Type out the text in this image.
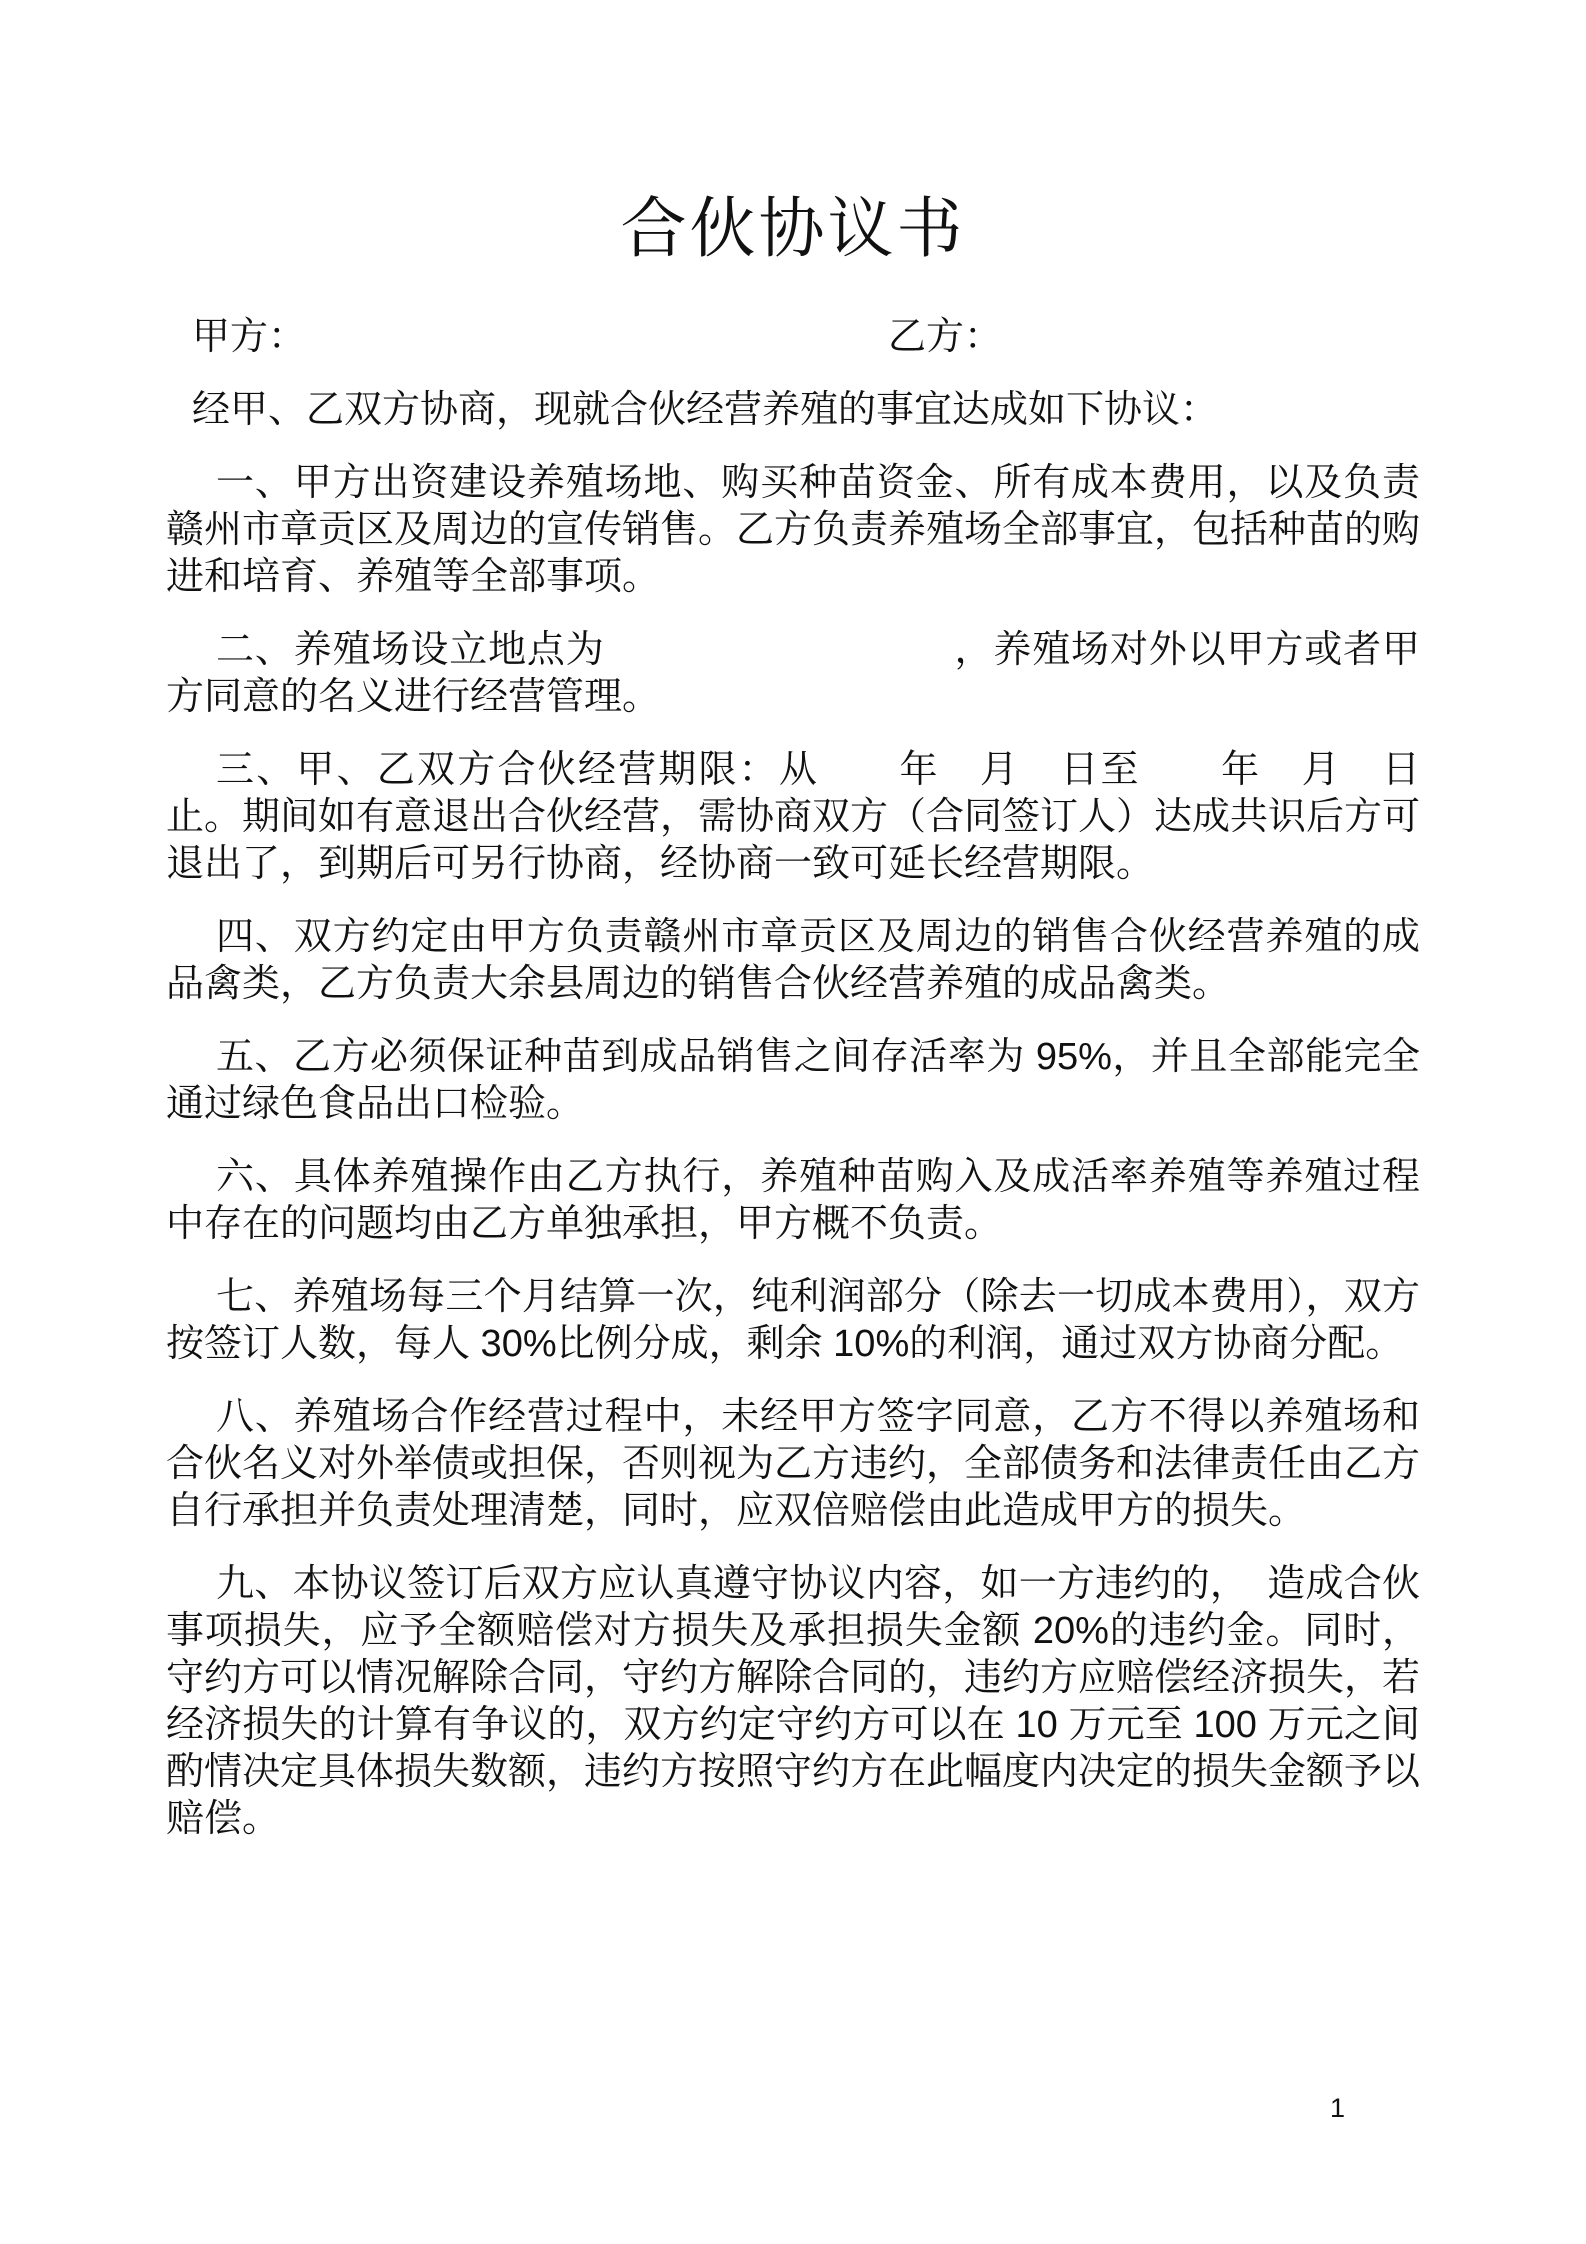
合伙协议书
甲方：	乙方：
经甲、乙双方协商，现就合伙经营养殖的事宜达成如下协议：
一、甲方出资建设养殖场地、购买种苗资金、所有成本费用，以及负责赣州市章贡区及周边的宣传销售。乙方负责养殖场全部事宜，包括种苗的购进和培育、养殖等全部事项。
二、养殖场设立地点为　　　　　　　　　，养殖场对外以甲方或者甲方同意的名义进行经营管理。
三、甲、乙双方合伙经营期限：从　　年　月　日至　　年　月　日止。期间如有意退出合伙经营，需协商双方（合同签订人）达成共识后方可退出了，到期后可另行协商，经协商一致可延长经营期限。
四、双方约定由甲方负责赣州市章贡区及周边的销售合伙经营养殖的成品禽类，乙方负责大余县周边的销售合伙经营养殖的成品禽类。
五、乙方必须保证种苗到成品销售之间存活率为 95%，并且全部能完全通过绿色食品出口检验。
六、具体养殖操作由乙方执行，养殖种苗购入及成活率养殖等养殖过程中存在的问题均由乙方单独承担，甲方概不负责。
七、养殖场每三个月结算一次，纯利润部分（除去一切成本费用），双方按签订人数，每人 30%比例分成，剩余 10%的利润，通过双方协商分配。
八、养殖场合作经营过程中，未经甲方签字同意，乙方不得以养殖场和合伙名义对外举债或担保，否则视为乙方违约，全部债务和法律责任由乙方自行承担并负责处理清楚，同时，应双倍赔偿由此造成甲方的损失。
九、本协议签订后双方应认真遵守协议内容，如一方违约的，　造成合伙事项损失，应予全额赔偿对方损失及承担损失金额 20%的违约金。同时，守约方可以情况解除合同，守约方解除合同的，违约方应赔偿经济损失，若经济损失的计算有争议的，双方约定守约方可以在 10 万元至 100 万元之间酌情决定具体损失数额，违约方按照守约方在此幅度内决定的损失金额予以赔偿。
1
